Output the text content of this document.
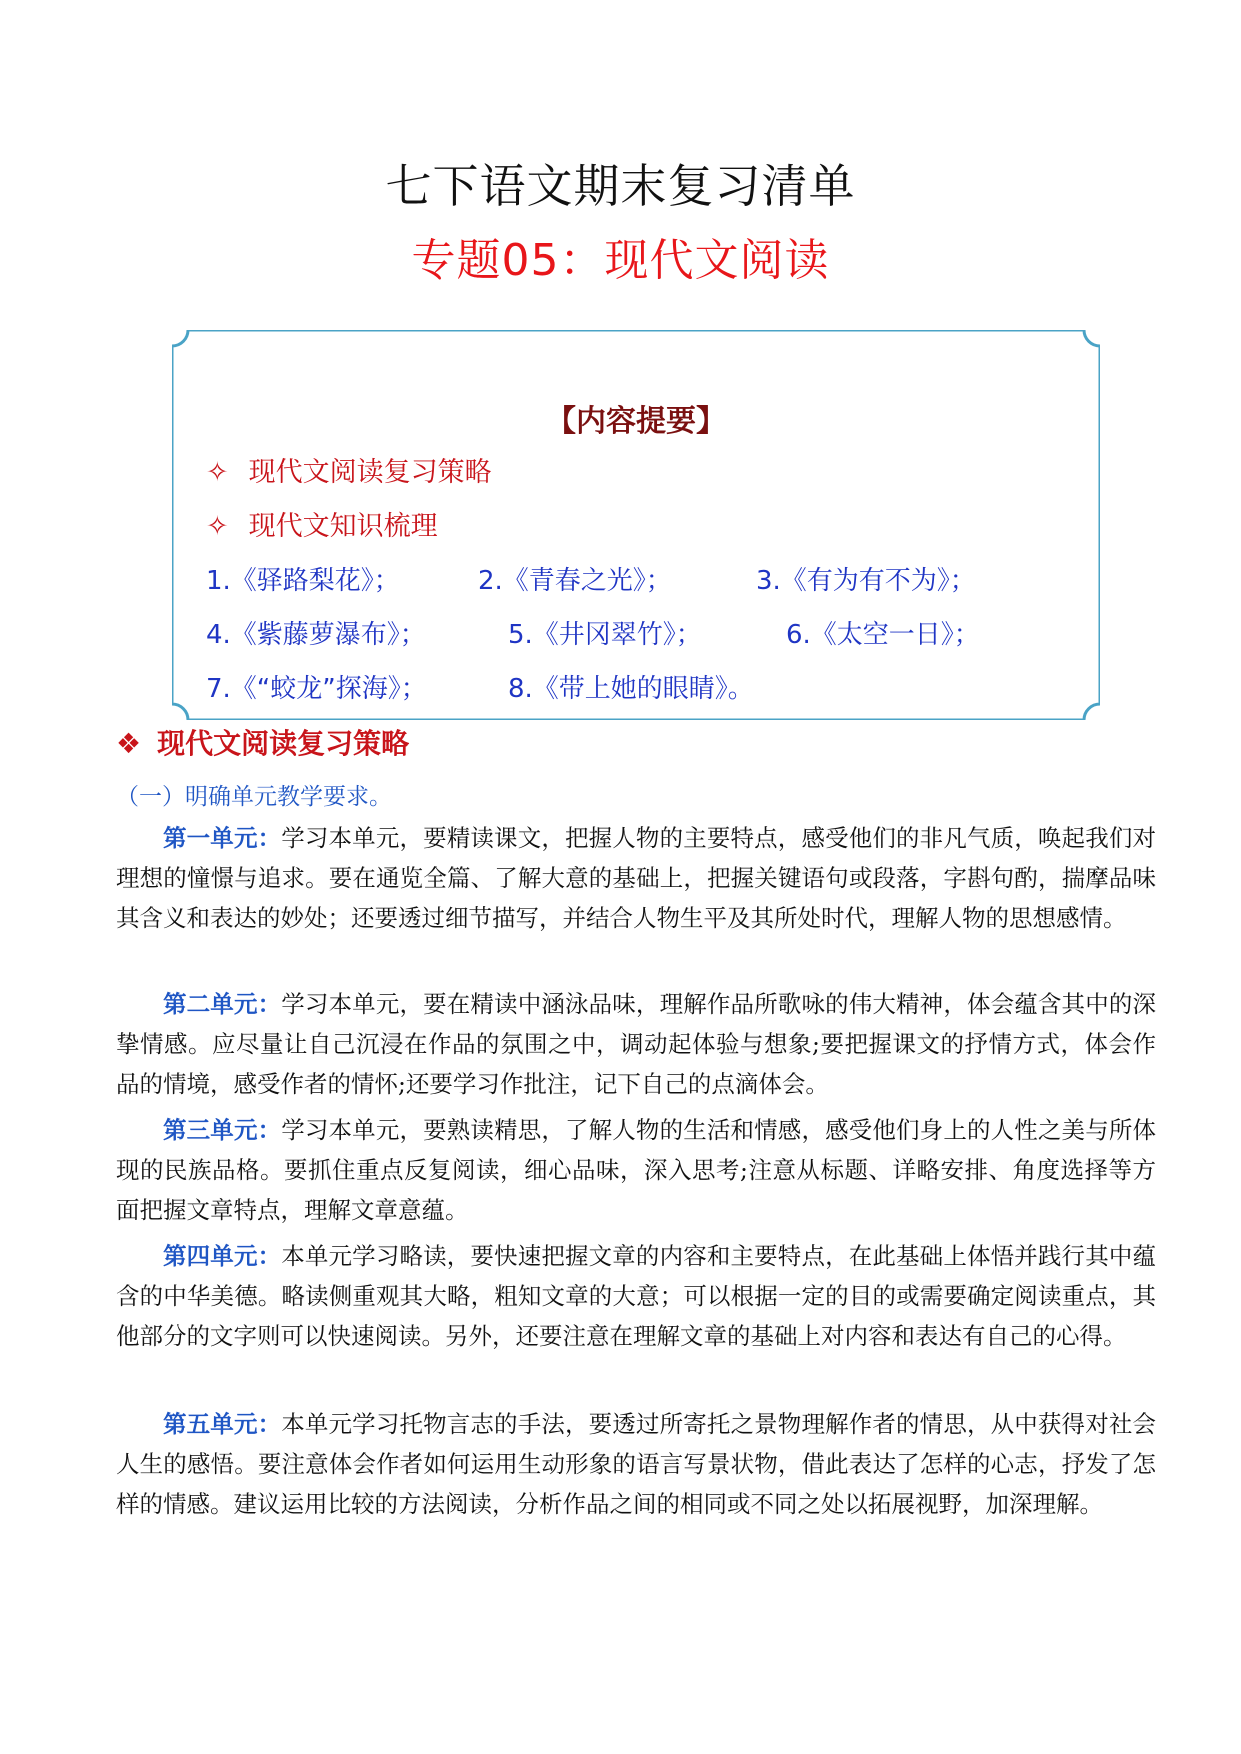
七下语文期末复习清单
专题05：现代文阅读
【内容提要】
✧ 现代文阅读复习策略
✧ 现代文知识梳理
1.《驿路梨花》；	2.《青春之光》；	3.《有为有不为》；
4.《紫藤萝瀑布》；	5.《井冈翠竹》；	6.《太空一日》；
7.《“蛟龙”探海》；	8.《带上她的眼睛》。
❖ 现代文阅读复习策略
（一）明确单元教学要求。
第一单元：学习本单元，要精读课文，把握人物的主要特点，感受他们的非凡气质，唤起我们对理想的憧憬与追求。要在通览全篇、了解大意的基础上，把握关键语句或段落，字斟句酌，揣摩品味其含义和表达的妙处；还要透过细节描写，并结合人物生平及其所处时代，理解人物的思想感情。
第二单元：学习本单元，要在精读中涵泳品味，理解作品所歌咏的伟大精神，体会蕴含其中的深挚情感。应尽量让自己沉浸在作品的氛围之中，调动起体验与想象;要把握课文的抒情方式，体会作品的情境，感受作者的情怀;还要学习作批注，记下自己的点滴体会。
第三单元：学习本单元，要熟读精思，了解人物的生活和情感，感受他们身上的人性之美与所体现的民族品格。要抓住重点反复阅读，细心品味，深入思考;注意从标题、详略安排、角度选择等方面把握文章特点，理解文章意蕴。
第四单元：本单元学习略读，要快速把握文章的内容和主要特点，在此基础上体悟并践行其中蕴含的中华美德。略读侧重观其大略，粗知文章的大意；可以根据一定的目的或需要确定阅读重点，其他部分的文字则可以快速阅读。另外，还要注意在理解文章的基础上对内容和表达有自己的心得。
第五单元：本单元学习托物言志的手法，要透过所寄托之景物理解作者的情思，从中获得对社会人生的感悟。要注意体会作者如何运用生动形象的语言写景状物，借此表达了怎样的心志，抒发了怎样的情感。建议运用比较的方法阅读，分析作品之间的相同或不同之处以拓展视野，加深理解。
